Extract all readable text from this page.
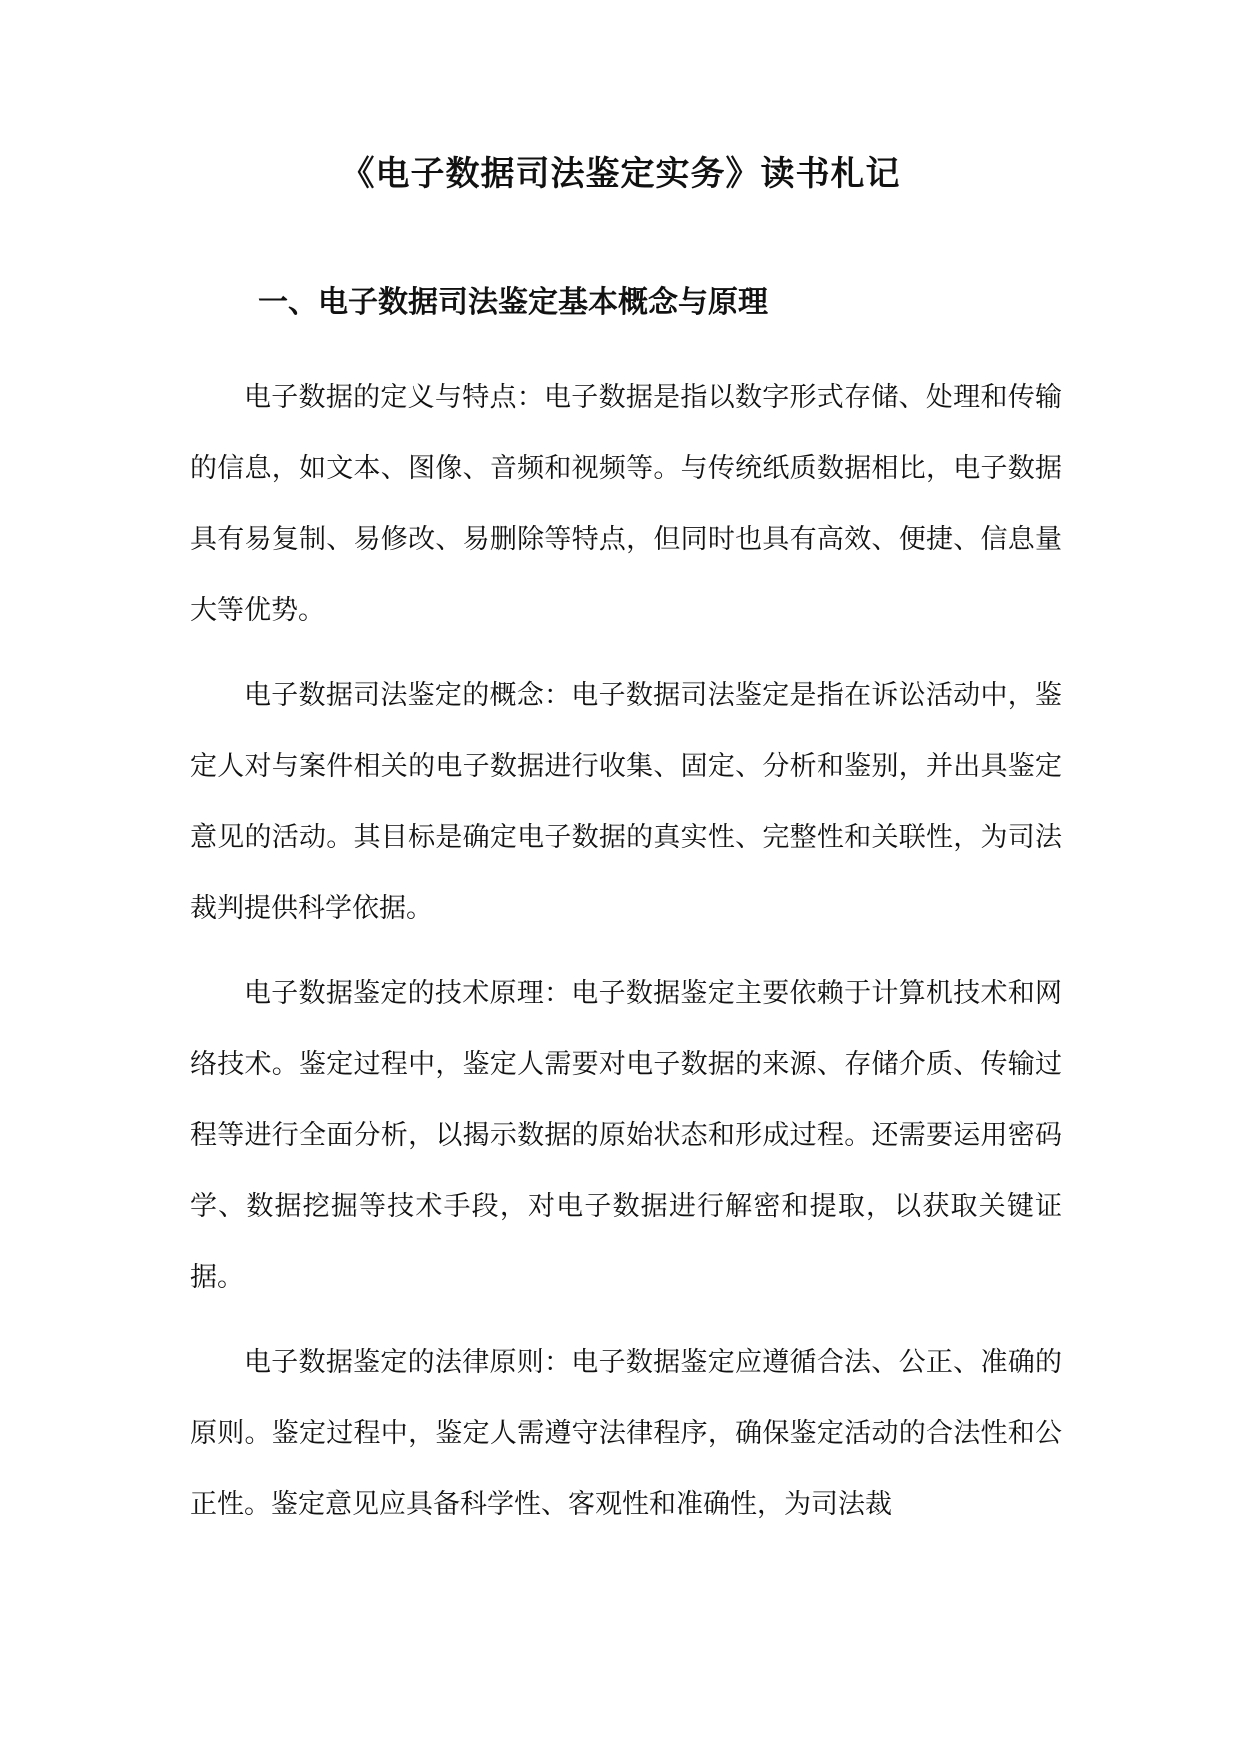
《电子数据司法鉴定实务》读书札记
一、电子数据司法鉴定基本概念与原理

电子数据的定义与特点：电子数据是指以数字形式存储、处理和传输的信息，如文本、图像、音频和视频等。与传统纸质数据相比，电子数据具有易复制、易修改、易删除等特点，但同时也具有高效、便捷、信息量大等优势。

电子数据司法鉴定的概念：电子数据司法鉴定是指在诉讼活动中，鉴定人对与案件相关的电子数据进行收集、固定、分析和鉴别，并出具鉴定意见的活动。其目标是确定电子数据的真实性、完整性和关联性，为司法裁判提供科学依据。

电子数据鉴定的技术原理：电子数据鉴定主要依赖于计算机技术和网络技术。鉴定过程中，鉴定人需要对电子数据的来源、存储介质、传输过程等进行全面分析，以揭示数据的原始状态和形成过程。还需要运用密码学、数据挖掘等技术手段，对电子数据进行解密和提取，以获取关键证据。

电子数据鉴定的法律原则：电子数据鉴定应遵循合法、公正、准确的原则。鉴定过程中，鉴定人需遵守法律程序，确保鉴定活动的合法性和公正性。鉴定意见应具备科学性、客观性和准确性，为司法裁
